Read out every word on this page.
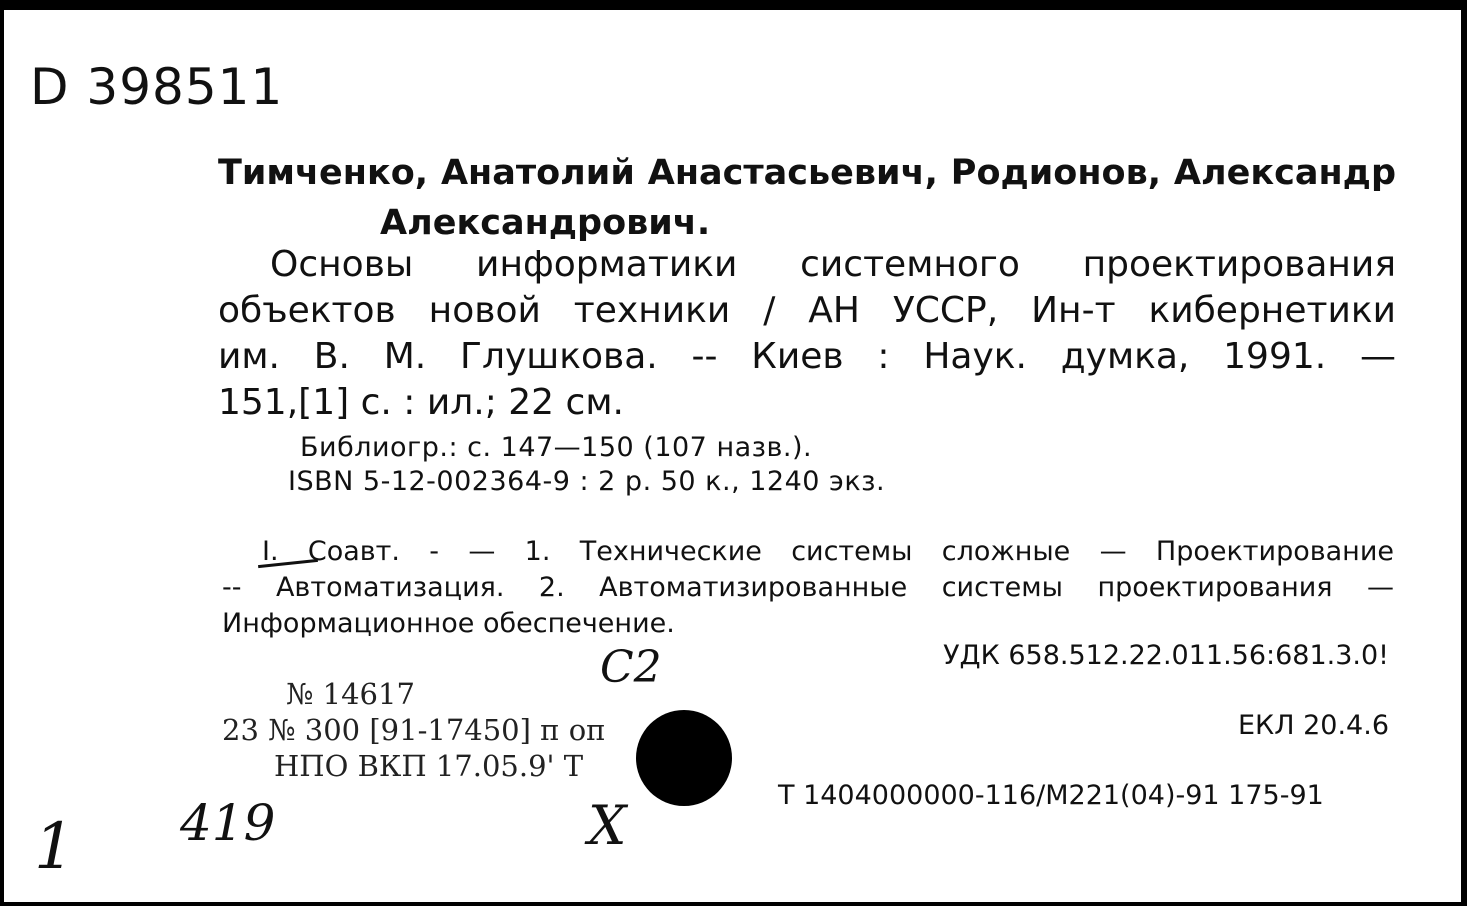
D 398511
Тимченко, Анатолий Анастасьевич, Родионов, Александр
Александрович.
Основы информатики системного проектирования
объектов новой техники / АН УССР, Ин-т кибернетики
им. В. М. Глушкова. -- Киев : Наук. думка, 1991. —
151,[1] с. : ил.; 22 см.
Библиогр.: с. 147—150 (107 назв.).
ISBN 5-12-002364-9 : 2 р. 50 к., 1240 экз.
I. Соавт. - — 1. Технические системы сложные — Проектирование
-- Автоматизация. 2. Автоматизированные системы проектирования —
Информационное обеспечение.
УДК 658.512.22.011.56:681.3.0!
ЕКЛ 20.4.6
Т 1404000000-116/М221(04)-91 175-91
№ 14617
23 № 300 [91-17450] п оп
НПО ВКП 17.05.9' Т
C2
419
1	X
